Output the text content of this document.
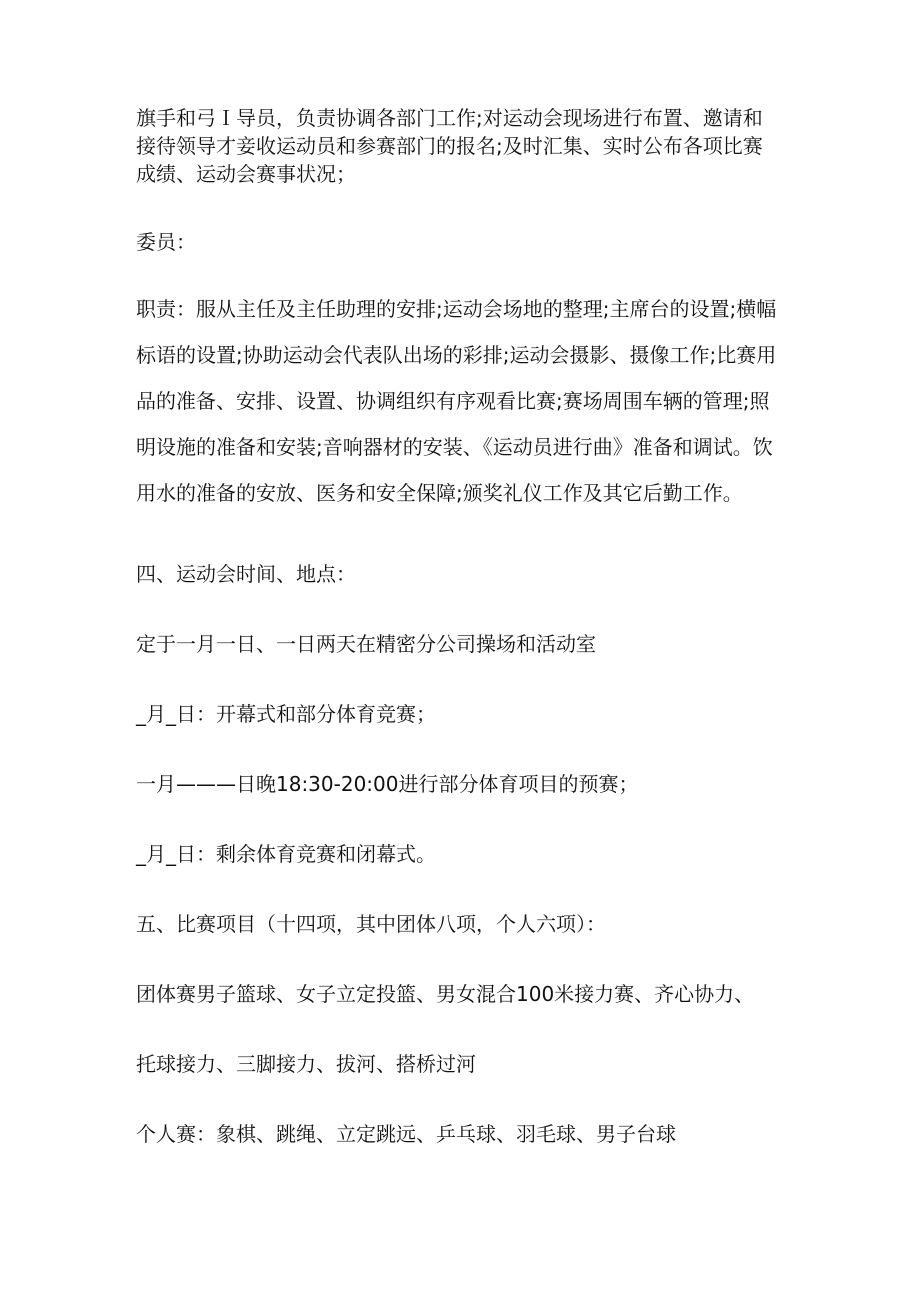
旗手和弓Ｉ导员，负责协调各部门工作;对运动会现场进行布置、邀请和
接待领导才妾收运动员和参赛部门的报名;及时汇集、实时公布各项比赛
成绩、运动会赛事状况；

委员：

职责：服从主任及主任助理的安排;运动会场地的整理;主席台的设置;横幅
标语的设置;协助运动会代表队出场的彩排;运动会摄影、摄像工作;比赛用
品的准备、安排、设置、协调组织有序观看比赛;赛场周围车辆的管理;照
明设施的准备和安装;音响器材的安装、《运动员进行曲》准备和调试。饮
用水的准备的安放、医务和安全保障;颁奖礼仪工作及其它后勤工作。

四、运动会时间、地点：

定于一月一日、一日两天在精密分公司操场和活动室

_月_日：开幕式和部分体育竞赛；

一月———日晚18:30-20:00进行部分体育项目的预赛；

_月_日：剩余体育竞赛和闭幕式。

五、比赛项目（十四项，其中团体八项，个人六项）：

团体赛男子篮球、女子立定投篮、男女混合100米接力赛、齐心协力、

托球接力、三脚接力、拔河、搭桥过河

个人赛：象棋、跳绳、立定跳远、乒乓球、羽毛球、男子台球
